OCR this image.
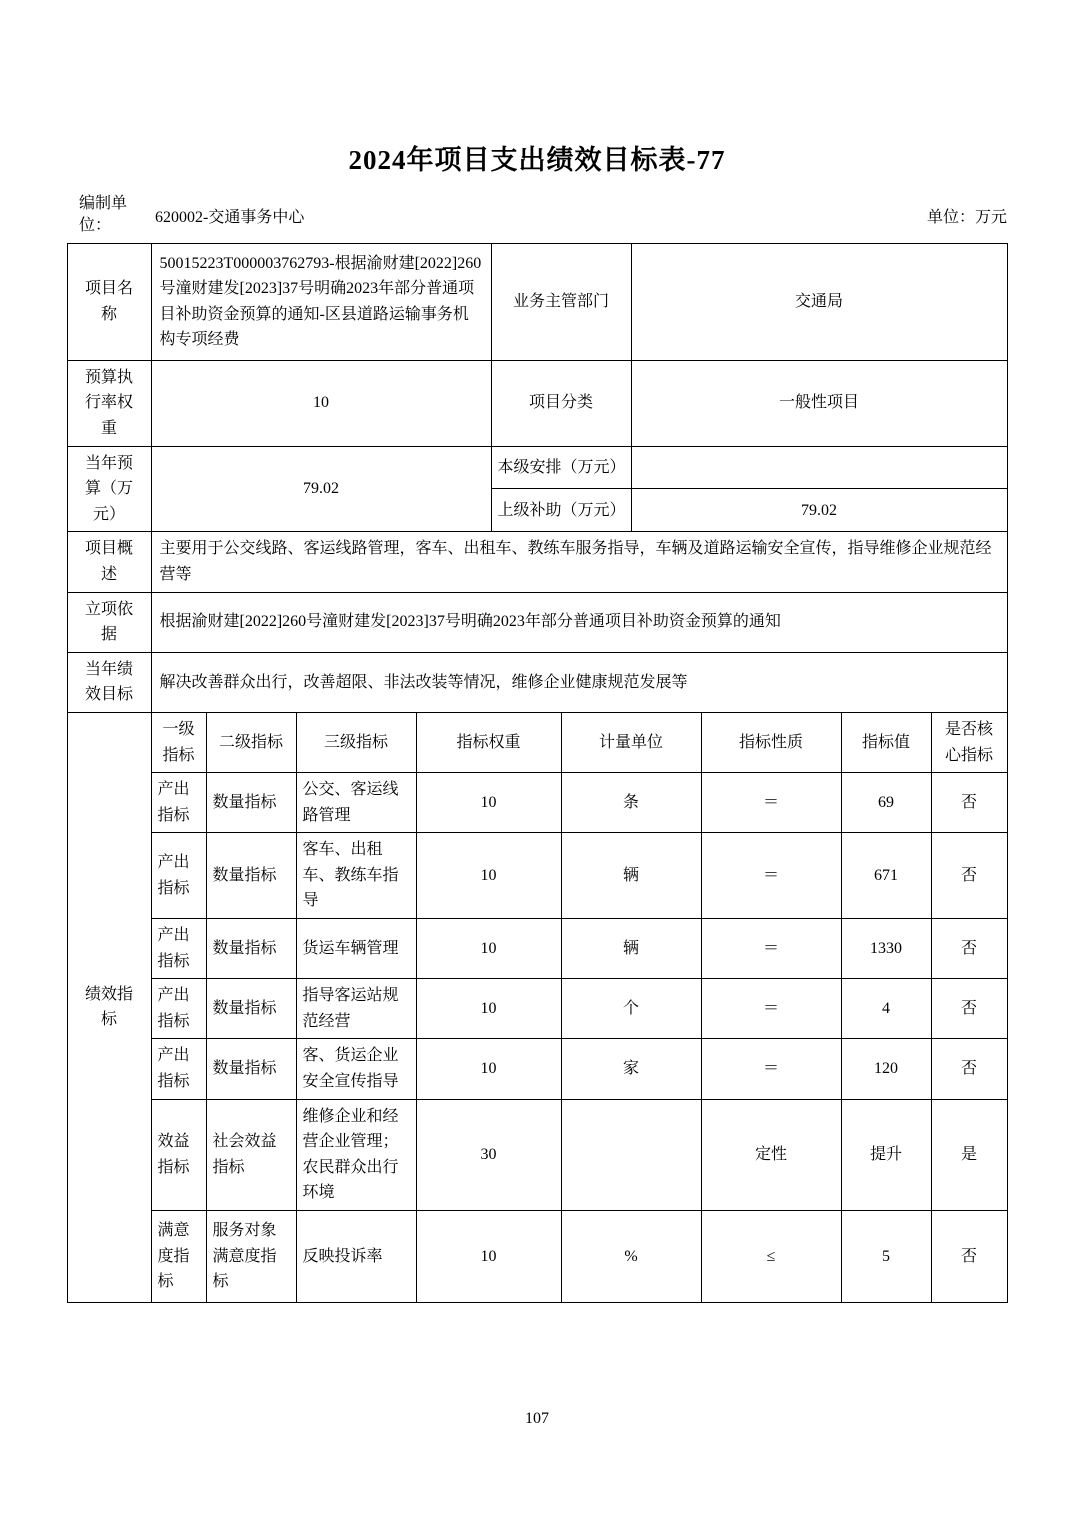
2024年项目支出绩效目标表-77
编制单位：	620002-交通事务中心	单位：万元
项目名称	50015223T000003762793-根据渝财建[2022]260号潼财建发[2023]37号明确2023年部分普通项目补助资金预算的通知-区县道路运输事务机构专项经费	业务主管部门	交通局
预算执行率权重	10	项目分类	一般性项目
当年预算（万元）	79.02	本级安排（万元）	
		上级补助（万元）	79.02
项目概述	主要用于公交线路、客运线路管理，客车、出租车、教练车服务指导，车辆及道路运输安全宣传，指导维修企业规范经营等		
立项依据	根据渝财建[2022]260号潼财建发[2023]37号明确2023年部分普通项目补助资金预算的通知		
当年绩效目标	解决改善群众出行，改善超限、非法改装等情况，维修企业健康规范发展等		
绩效指标	一级指标	二级指标	三级指标	指标权重	计量单位	指标性质	指标值	是否核心指标
	产出指标	数量指标	公交、客运线路管理	10	条	＝	69	否
	产出指标	数量指标	客车、出租车、教练车指导	10	辆	＝	671	否
	产出指标	数量指标	货运车辆管理	10	辆	＝	1330	否
	产出指标	数量指标	指导客运站规范经营	10	个	＝	4	否
	产出指标	数量指标	客、货运企业安全宣传指导	10	家	＝	120	否
	效益指标	社会效益指标	维修企业和经营企业管理；农民群众出行环境	30		定性	提升	是
	满意度指标	服务对象满意度指标	反映投诉率	10	%	≤	5	否
107
